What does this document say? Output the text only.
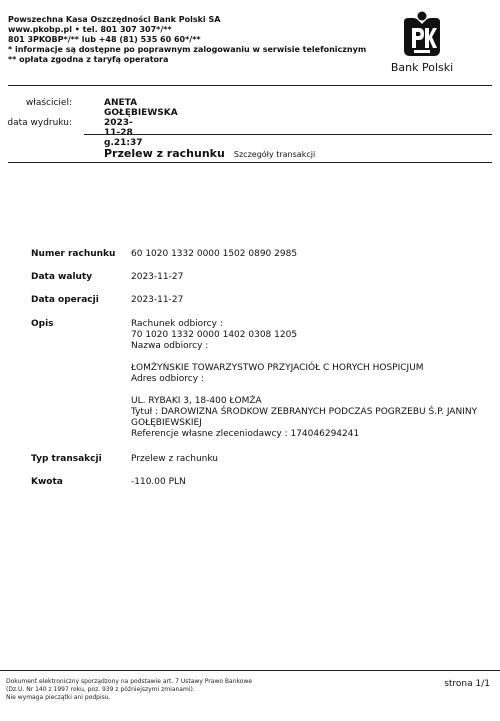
Powszechna Kasa Oszczędności Bank Polski SA
www.pkobp.pl • tel. 801 307 307*/**
801 3PKOBP*/** lub +48 (81) 535 60 60*/**
* informacje są dostępne po poprawnym zalogowaniu w serwisie telefonicznym
** opłata zgodna z taryfą operatora
Bank Polski
właściciel:	ANETA GOŁĘBIEWSKA
data wydruku:	2023-11-28 g.21:37
Przelew z rachunku Szczegóły transakcji
Numer rachunku 60 1020 1332 0000 1502 0890 2985
Data waluty	2023-11-27
Data operacji	2023-11-27
Opis	Rachunek odbiorcy :
70 1020 1332 0000 1402 0308 1205
Nazwa odbiorcy :
ŁOMŻYŃSKIE TOWARZYSTWO PRZYJACIÓŁ C HORYCH HOSPICJUM
Adres odbiorcy :
UL. RYBAKI 3, 18-400 ŁOMŻA
Tytuł : DAROWIZNA ŚRODKOW ZEBRANYCH PODCZAS POGRZEBU Ś.P. JANINY
GOŁĘBIEWSKIEJ
Referencje własne zleceniodawcy : 174046294241
Typ transakcji	Przelew z rachunku
Kwota	-110.00 PLN
Dokument elektroniczny sporządzony na podstawie art. 7 Ustawy Prawo Bankowe
(Dz.U. Nr 140 z 1997 roku, poz. 939 z późniejszymi zmianami).
Nie wymaga pieczątki ani podpisu.
strona 1/1
